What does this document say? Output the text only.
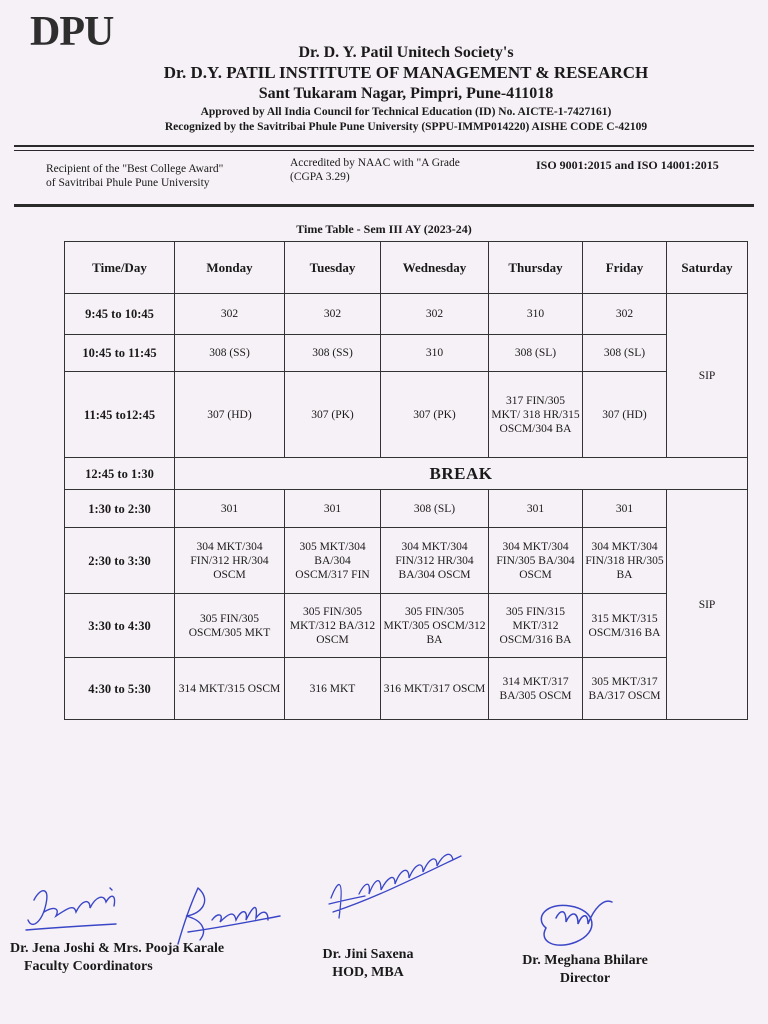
DPU	Dr. D. Y. Patil Unitech Society's
Dr. D.Y. PATIL INSTITUTE OF MANAGEMENT & RESEARCH
Sant Tukaram Nagar, Pimpri, Pune-411018
Approved by All India Council for Technical Education (ID) No. AICTE-1-7427161)
Recognized by the Savitribai Phule Pune University (SPPU-IMMP014220) AISHE CODE C-42109
Recipient of the "Best College Award"
of Savitribai Phule Pune University
Accredited by NAAC with "A Grade
(CGPA 3.29)
ISO 9001:2015 and ISO 14001:2015
Time Table - Sem III AY (2023-24)
Time/Day	Monday	Tuesday	Wednesday	Thursday	Friday	Saturday
9:45 to 10:45	302	302	302	310	302	SIP
10:45 to 11:45	308 (SS)	308 (SS)	310	308 (SL)	308 (SL)	
11:45 to12:45	307 (HD)	307 (PK)	307 (PK)	317 FIN/305 MKT/ 318 HR/315 OSCM/304 BA	307 (HD)	
12:45 to 1:30	BREAK					
1:30 to 2:30	301	301	308 (SL)	301	301	SIP
2:30 to 3:30	304 MKT/304 FIN/312 HR/304 OSCM	305 MKT/304 BA/304 OSCM/317 FIN	304 MKT/304 FIN/312 HR/304 BA/304 OSCM	304 MKT/304 FIN/305 BA/304 OSCM	304 MKT/304 FIN/318 HR/305 BA	
3:30 to 4:30	305 FIN/305 OSCM/305 MKT	305 FIN/305 MKT/312 BA/312 OSCM	305 FIN/305 MKT/305 OSCM/312 BA	305 FIN/315 MKT/312 OSCM/316 BA	315 MKT/315 OSCM/316 BA	
4:30 to 5:30	314 MKT/315 OSCM	316 MKT	316 MKT/317 OSCM	314 MKT/317 BA/305 OSCM	305 MKT/317 BA/317 OSCM	
Dr. Jena Joshi & Mrs. Pooja Karale
Faculty Coordinators
Dr. Jini Saxena
HOD, MBA
Dr. Meghana Bhilare
Director
